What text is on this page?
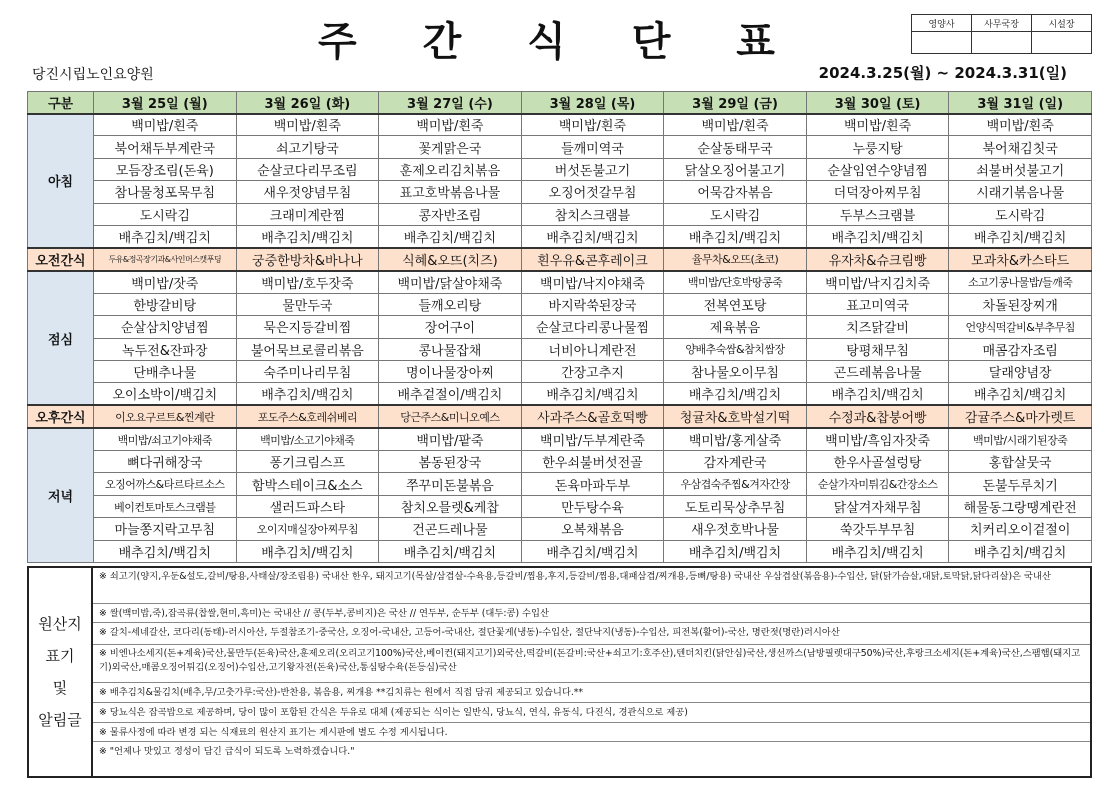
주 간 식 단 표	영양사	사무국장	시설장

당진시립노인요양원	2024.3.25(월) ~ 2024.3.31(일)
구분	3월 25일 (월)	3월 26일 (화)	3월 27일 (수)	3월 28일 (목)	3월 29일 (금)	3월 30일 (토)	3월 31일 (일)
아침	백미밥/흰죽	백미밥/흰죽	백미밥/흰죽	백미밥/흰죽	백미밥/흰죽	백미밥/흰죽	백미밥/흰죽
	북어채두부계란국	쇠고기탕국	꽃게맑은국	들깨미역국	순살동태무국	누룽지탕	북어채김칫국
	모듬장조림(돈육)	순살코다리무조림	훈제오리김치볶음	버섯돈불고기	닭살오징어불고기	순살임연수양념찜	쇠불버섯불고기
	참나물청포묵무침	새우젓양념무침	표고호박볶음나물	오징어젓갈무침	어묵감자볶음	더덕장아찌무침	시래기볶음나물
	도시락김	크래미계란찜	콩자반조림	참치스크램블	도시락김	두부스크램블	도시락김
	배추김치/백김치	배추김치/백김치	배추김치/백김치	배추김치/백김치	배추김치/백김치	배추김치/백김치	배추김치/백김치
오전간식	두유&정곡장기과&사인머스캣푸딩	궁중한방차&바나나	식혜&오뜨(치즈)	흰우유&콘후레이크	율무차&오뜨(초코)	유자차&슈크림빵	모과차&카스타드
점심	백미밥/잣죽	백미밥/호두잣죽	백미밥/닭살야채죽	백미밥/낙지야채죽	백미밥/단호박땅콩죽	백미밥/낙지김치죽	소고기콩나물밥/들깨죽
	한방갈비탕	물만두국	들깨오리탕	바지락쑥된장국	전복연포탕	표고미역국	차돌된장찌개
	순살삼치양념찜	묵은지등갈비찜	장어구이	순살코다리콩나물찜	제육볶음	치즈닭갈비	언양식떡갈비&부추무침
	녹두전&잔파장	불어묵브로콜리볶음	콩나물잡채	너비아니계란전	양배추숙쌈&참치쌈장	탕평채무침	매콤감자조림
	단배추나물	숙주미나리무침	명이나물장아찌	간장고추지	참나물오이무침	곤드레볶음나물	달래양념장
	오이소박이/백김치	배추김치/백김치	배추겉절이/백김치	배추김치/백김치	배추김치/백김치	배추김치/백김치	배추김치/백김치
오후간식	이오요구르트&찐계란	포도주스&호레쉬베리	당근주스&미니오예스	사과주스&골호떡빵	청귤차&호박설기떡	수정과&찹붕어빵	감귤주스&마가렛트
저녁	백미밥/쇠고기야채죽	백미밥/소고기야채죽	백미밥/팥죽	백미밥/두부계란죽	백미밥/홍게살죽	백미밥/흑임자잣죽	백미밥/시래기된장죽
	뼈다귀해장국	퐁기크림스프	봄동된장국	한우쇠불버섯전골	감자계란국	한우사골설렁탕	홍합살뭇국
	오징어까스&타르타르소스	함박스테이크&소스	쭈꾸미돈불볶음	돈육마파두부	우삼겹숙주찜&겨자간장	순살가자미튀김&간장소스	돈불두루치기
	베이컨토마토스크램블	샐러드파스타	참치오믈렛&케찹	만두탕수육	도토리묵상추무침	닭살겨자채무침	해물동그랑땡계란전
	마늘쫑지락고무침	오이지매실장아찌무침	건곤드레나물	오복채볶음	새우젓호박나물	쑥갓두부무침	치커리오이겉절이
	배추김치/백김치	배추김치/백김치	배추김치/백김치	배추김치/백김치	배추김치/백김치	배추김치/백김치	배추김치/백김치
원산지
표기
및
알림글
※ 쇠고기(양지,우둔&설도,갈비/탕용,사태살/장조림용) 국내산 한우, 돼지고기(목살/삼겹살-수육용,등갈비/찜용,후지,등갈비/찜용,대패삼겹/찌개용,등뼈/탕용) 국내산 우삼겹살(볶음용)-수입산, 닭(닭가슴살,대닭,토막닭,닭다리살)은 국내산
※ 쌀(백미밥,죽),잡곡류(찹쌀,현미,흑미)는 국내산 // 콩(두부,콩비지)은 국산 // 연두부, 순두부 (대두:콩) 수입산
※ 갈치-세네갈산, 코다리(동태)-러시아산, 두절참조기-중국산, 오징어-국내산, 고등어-국내산, 절단꽃게(냉동)-수입산, 절단낙지(냉동)-수입산, 피전복(활어)-국산, 명란젓(명란)러시아산
※ 비엔나소세지(돈+계육)국산,물만두(돈육)국산,훈제오리(오리고기100%)국산,베이컨(돼지고기)외국산,떡갈비(돈갈비:국산+쇠고기:호주산),텐더치킨(닭안심)국산,생선까스(남방필렛대구50%)국산,후랑크소세지(돈+계육)국산,스팸햄(돼지고기)외국산,매콤오징어튀김(오징어)수입산,고기왕자전(돈육)국산,통심탕수육(돈등심)국산
※ 배추김치&물김치(배추,무/고춧가루:국산)-반찬용, 볶음용, 찌개용 **김치류는 원에서 직접 담궈 제공되고 있습니다.**
※ 당뇨식은 잡곡밥으로 제공하며, 당이 많이 포함된 간식은 두유로 대체 (제공되는 식이는 일반식, 당뇨식, 연식, 유동식, 다진식, 경관식으로 제공)
※ 물류사정에 따라 변경 되는 식재료의 원산지 표기는 게시판에 별도 수정 게시됩니다.
※ "언제나 맛있고 정성이 담긴 급식이 되도록 노력하겠습니다."
